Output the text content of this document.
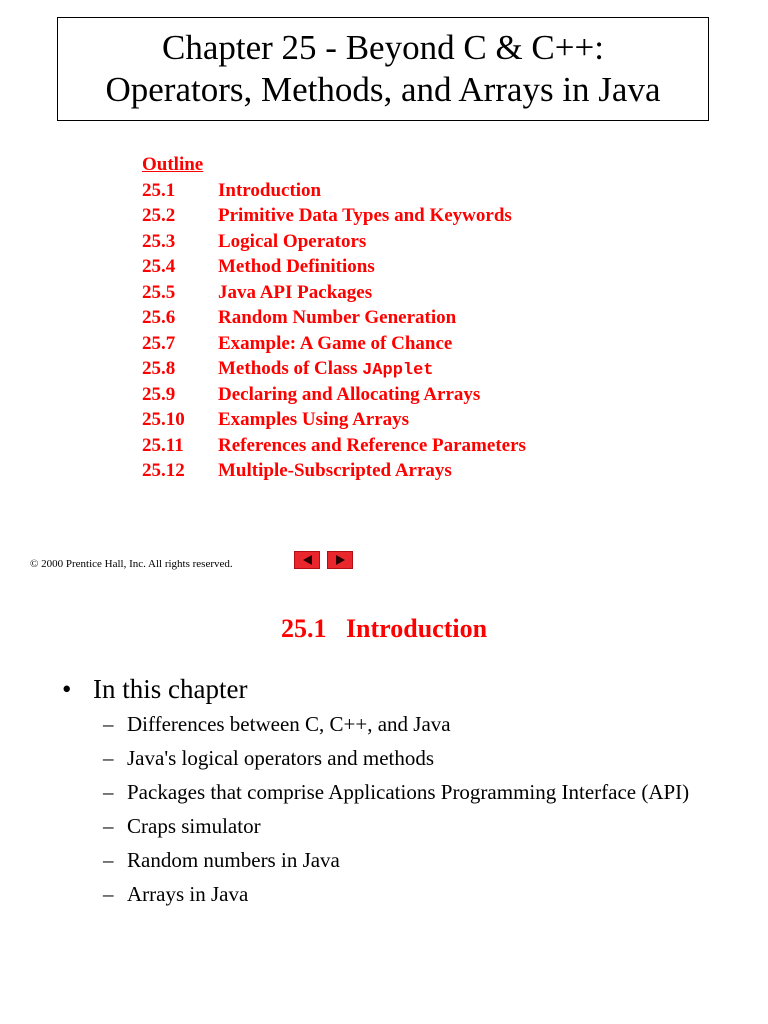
Chapter 25 - Beyond C & C++:
Operators, Methods, and Arrays in Java
Outline
25.1	Introduction
25.2	Primitive Data Types and Keywords
25.3	Logical Operators
25.4	Method Definitions
25.5	Java API Packages
25.6	Random Number Generation
25.7	Example: A Game of Chance
25.8	Methods of Class JApplet
25.9	Declaring and Allocating Arrays
25.10	Examples Using Arrays
25.11	References and Reference Parameters
25.12	Multiple-Subscripted Arrays
© 2000 Prentice Hall, Inc. All rights reserved.
25.1   Introduction
• In this chapter
– Differences between C, C++, and Java
– Java's logical operators and methods
– Packages that comprise Applications Programming Interface (API)
– Craps simulator
– Random numbers in Java
– Arrays in Java
